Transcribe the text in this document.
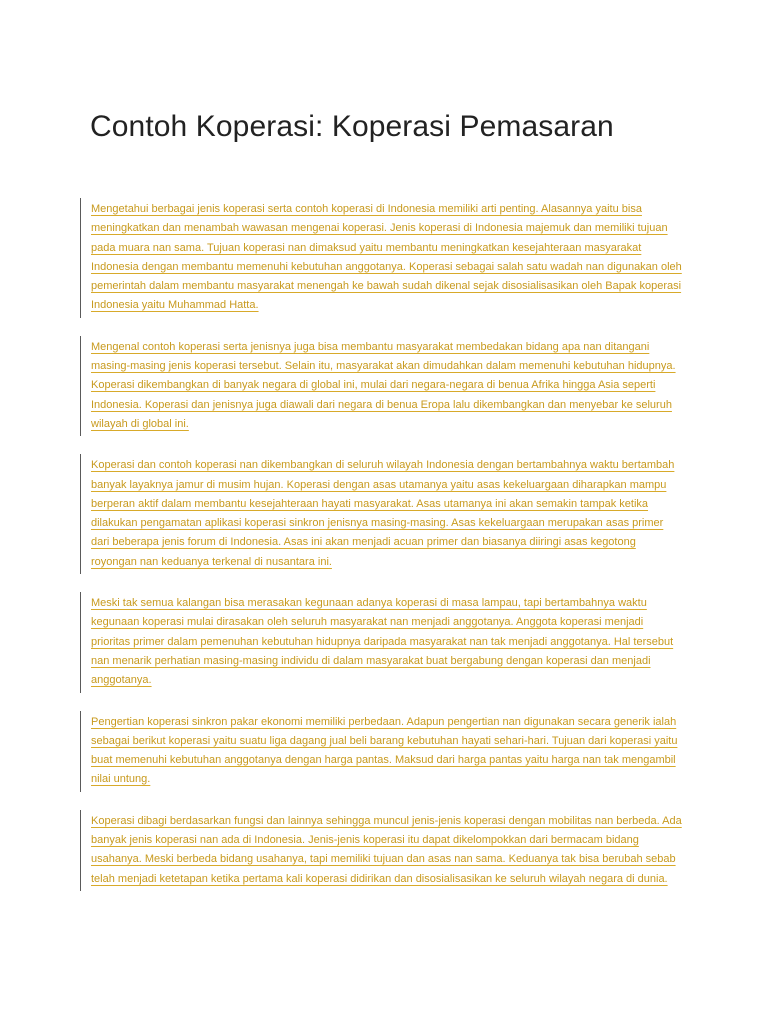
Contoh Koperasi: Koperasi Pemasaran

Mengetahui berbagai jenis koperasi serta contoh koperasi di Indonesia memiliki arti penting. Alasannya yaitu bisa meningkatkan dan menambah wawasan mengenai koperasi. Jenis koperasi di Indonesia majemuk dan memiliki tujuan pada muara nan sama. Tujuan koperasi nan dimaksud yaitu membantu meningkatkan kesejahteraan masyarakat Indonesia dengan membantu memenuhi kebutuhan anggotanya. Koperasi sebagai salah satu wadah nan digunakan oleh pemerintah dalam membantu masyarakat menengah ke bawah sudah dikenal sejak disosialisasikan oleh Bapak koperasi Indonesia yaitu Muhammad Hatta.

Mengenal contoh koperasi serta jenisnya juga bisa membantu masyarakat membedakan bidang apa nan ditangani masing-masing jenis koperasi tersebut. Selain itu, masyarakat akan dimudahkan dalam memenuhi kebutuhan hidupnya. Koperasi dikembangkan di banyak negara di global ini, mulai dari negara-negara di benua Afrika hingga Asia seperti Indonesia. Koperasi dan jenisnya juga diawali dari negara di benua Eropa lalu dikembangkan dan menyebar ke seluruh wilayah di global ini.

Koperasi dan contoh koperasi nan dikembangkan di seluruh wilayah Indonesia dengan bertambahnya waktu bertambah banyak layaknya jamur di musim hujan. Koperasi dengan asas utamanya yaitu asas kekeluargaan diharapkan mampu berperan aktif dalam membantu kesejahteraan hayati masyarakat. Asas utamanya ini akan semakin tampak ketika dilakukan pengamatan aplikasi koperasi sinkron jenisnya masing-masing. Asas kekeluargaan merupakan asas primer dari beberapa jenis forum di Indonesia. Asas ini akan menjadi acuan primer dan biasanya diiringi asas kegotong royongan nan keduanya terkenal di nusantara ini.

Meski tak semua kalangan bisa merasakan kegunaan adanya koperasi di masa lampau, tapi bertambahnya waktu kegunaan koperasi mulai dirasakan oleh seluruh masyarakat nan menjadi anggotanya. Anggota koperasi menjadi prioritas primer dalam pemenuhan kebutuhan hidupnya daripada masyarakat nan tak menjadi anggotanya. Hal tersebut nan menarik perhatian masing-masing individu di dalam masyarakat buat bergabung dengan koperasi dan menjadi anggotanya.

Pengertian koperasi sinkron pakar ekonomi memiliki perbedaan. Adapun pengertian nan digunakan secara generik ialah sebagai berikut koperasi yaitu suatu liga dagang jual beli barang kebutuhan hayati sehari-hari. Tujuan dari koperasi yaitu buat memenuhi kebutuhan anggotanya dengan harga pantas. Maksud dari harga pantas yaitu harga nan tak mengambil nilai untung.

Koperasi dibagi berdasarkan fungsi dan lainnya sehingga muncul jenis-jenis koperasi dengan mobilitas nan berbeda. Ada banyak jenis koperasi nan ada di Indonesia. Jenis-jenis koperasi itu dapat dikelompokkan dari bermacam bidang usahanya. Meski berbeda bidang usahanya, tapi memiliki tujuan dan asas nan sama. Keduanya tak bisa berubah sebab telah menjadi ketetapan ketika pertama kali koperasi didirikan dan disosialisasikan ke seluruh wilayah negara di dunia.
